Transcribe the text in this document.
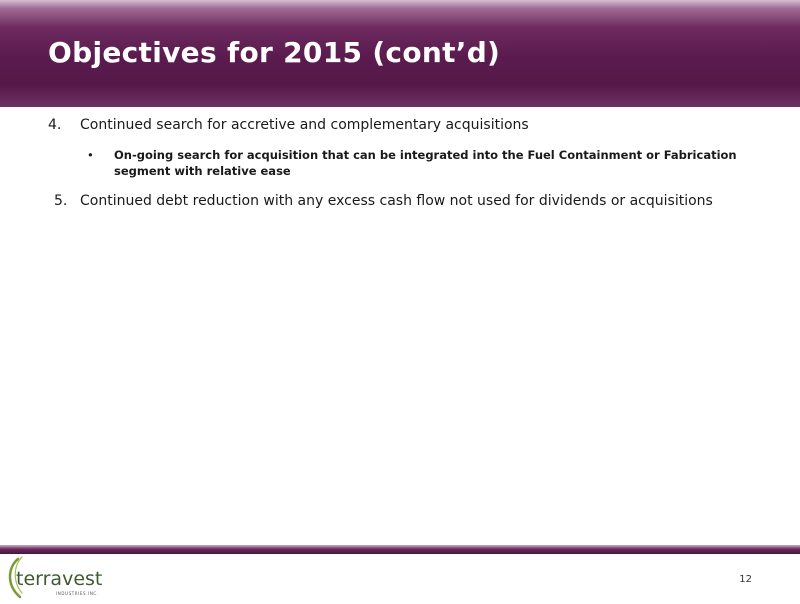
Objectives for 2015 (cont’d)
4. Continued search for accretive and complementary acquisitions
• On-going search for acquisition that can be integrated into the Fuel Containment or Fabrication segment with relative ease
5. Continued debt reduction with any excess cash flow not used for dividends or acquisitions
terravest
INDUSTRIES INC.
12
